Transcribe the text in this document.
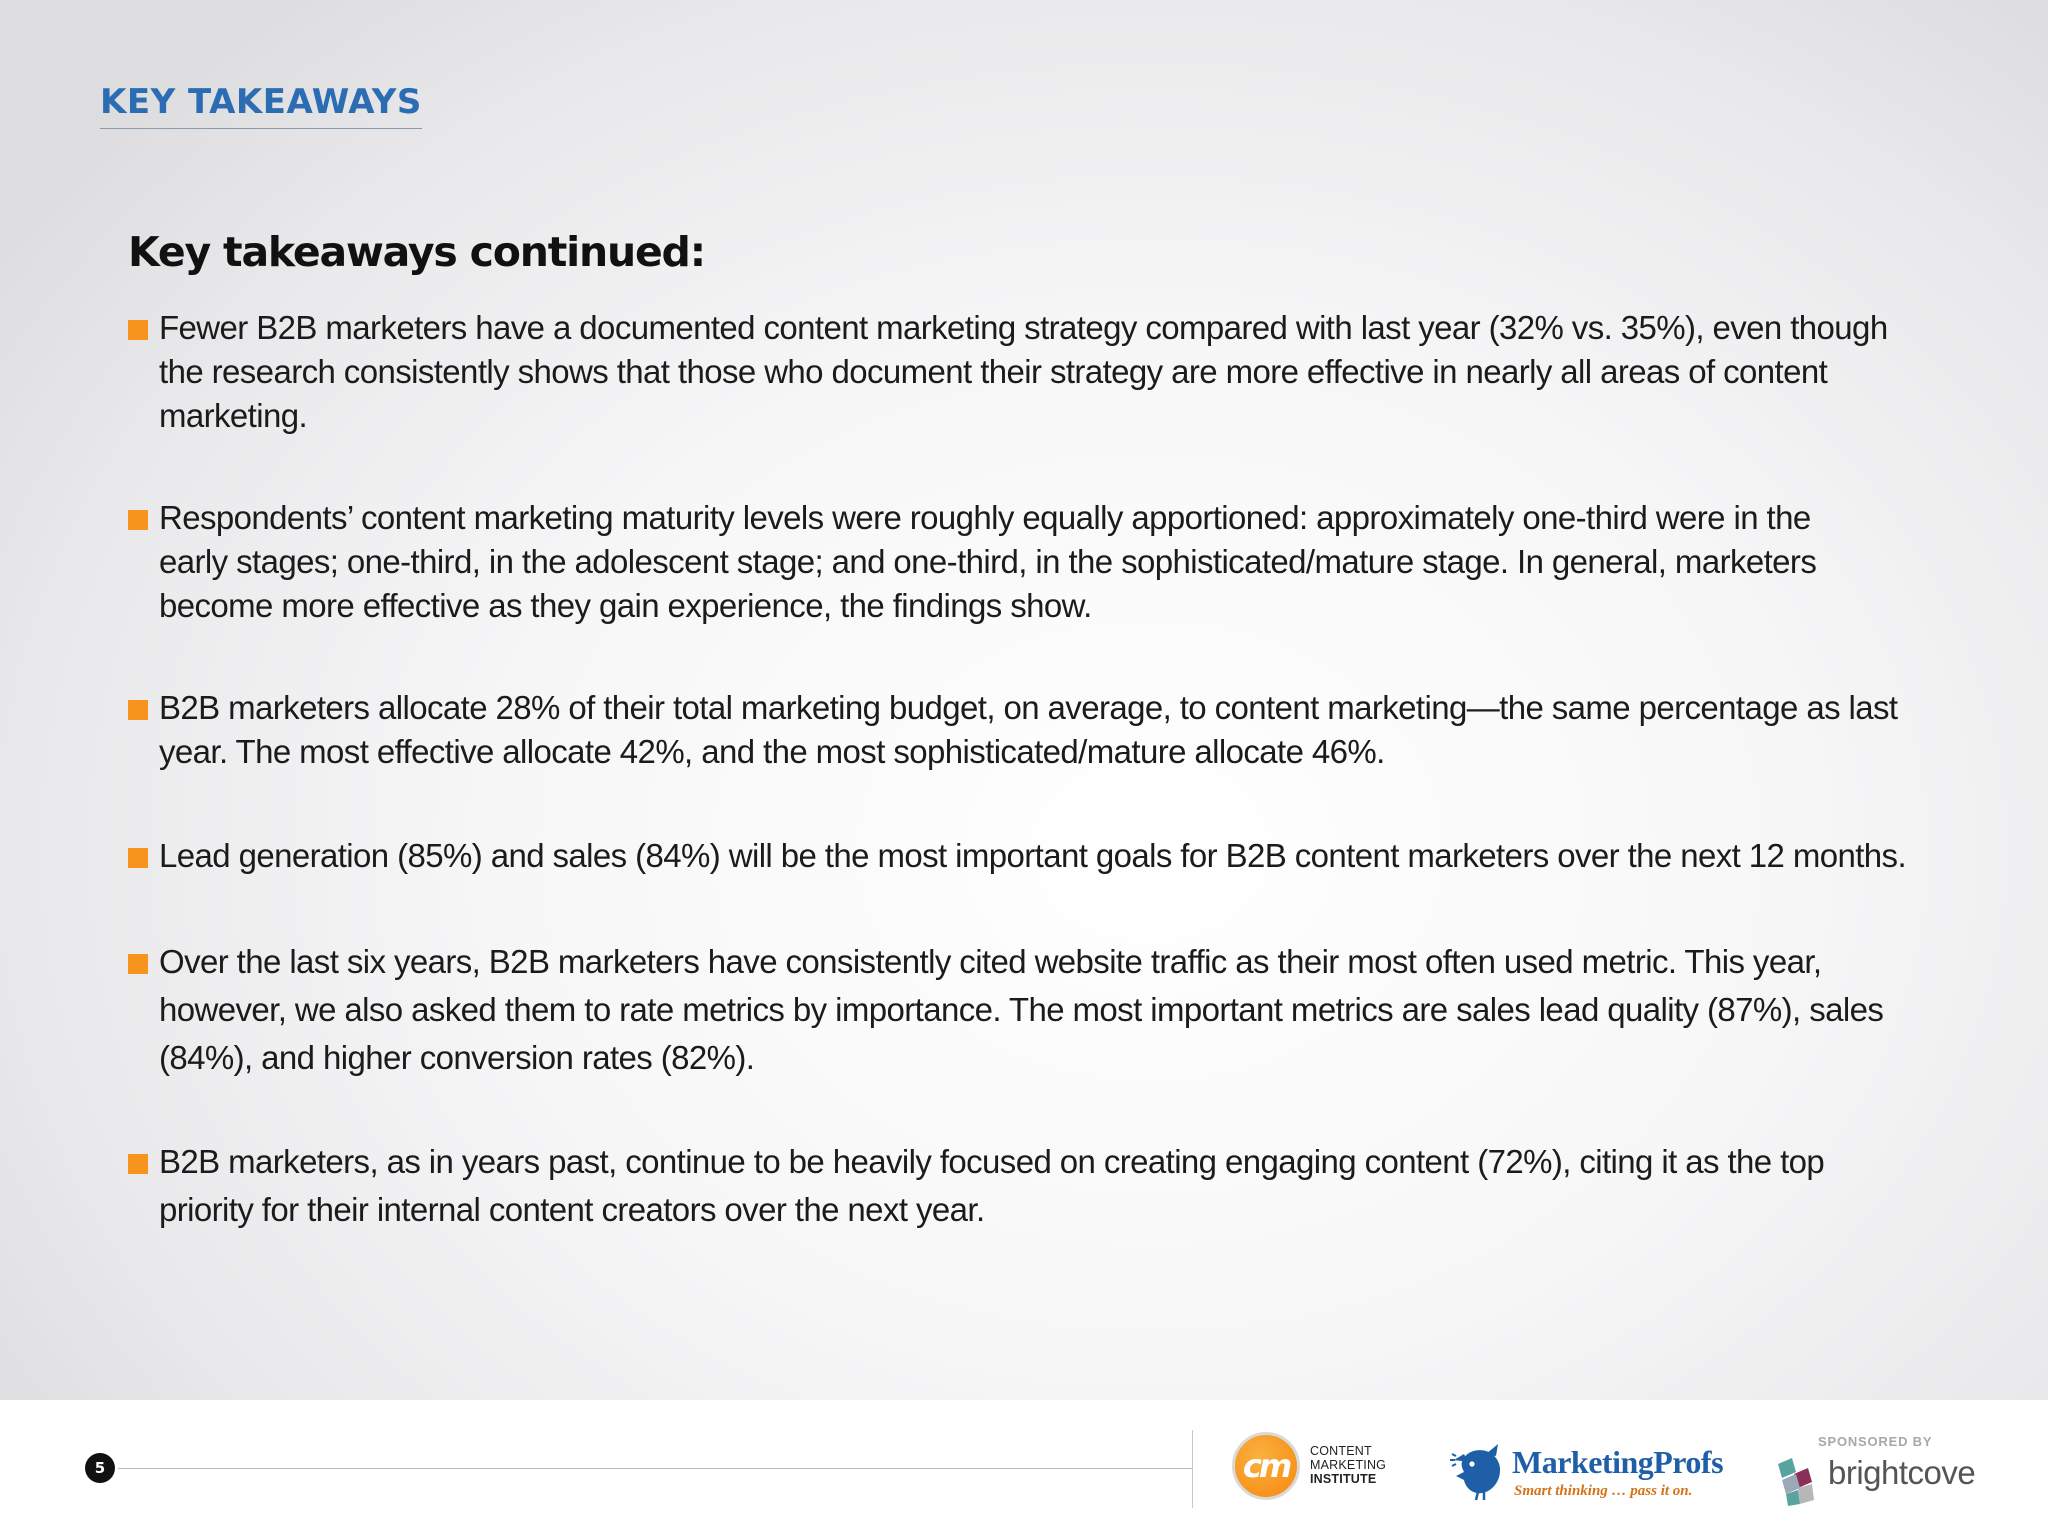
KEY TAKEAWAYS
Key takeaways continued:
Fewer B2B marketers have a documented content marketing strategy compared with last year (32% vs. 35%), even though
the research consistently shows that those who document their strategy are more effective in nearly all areas of content
marketing.
Respondents’ content marketing maturity levels were roughly equally apportioned: approximately one-third were in the
early stages; one-third, in the adolescent stage; and one-third, in the sophisticated/mature stage. In general, marketers
become more effective as they gain experience, the findings show.
B2B marketers allocate 28% of their total marketing budget, on average, to content marketing—the same percentage as last
year. The most effective allocate 42%, and the most sophisticated/mature allocate 46%.
Lead generation (85%) and sales (84%) will be the most important goals for B2B content marketers over the next 12 months.
Over the last six years, B2B marketers have consistently cited website traffic as their most often used metric. This year,
however, we also asked them to rate metrics by importance. The most important metrics are sales lead quality (87%), sales
(84%), and higher conversion rates (82%).
B2B marketers, as in years past, continue to be heavily focused on creating engaging content (72%), citing it as the top
priority for their internal content creators over the next year.
5	cm CONTENT
MARKETING
INSTITUTE	MarketingProfs
Smart thinking … pass it on.
SPONSORED BY
brightcove
